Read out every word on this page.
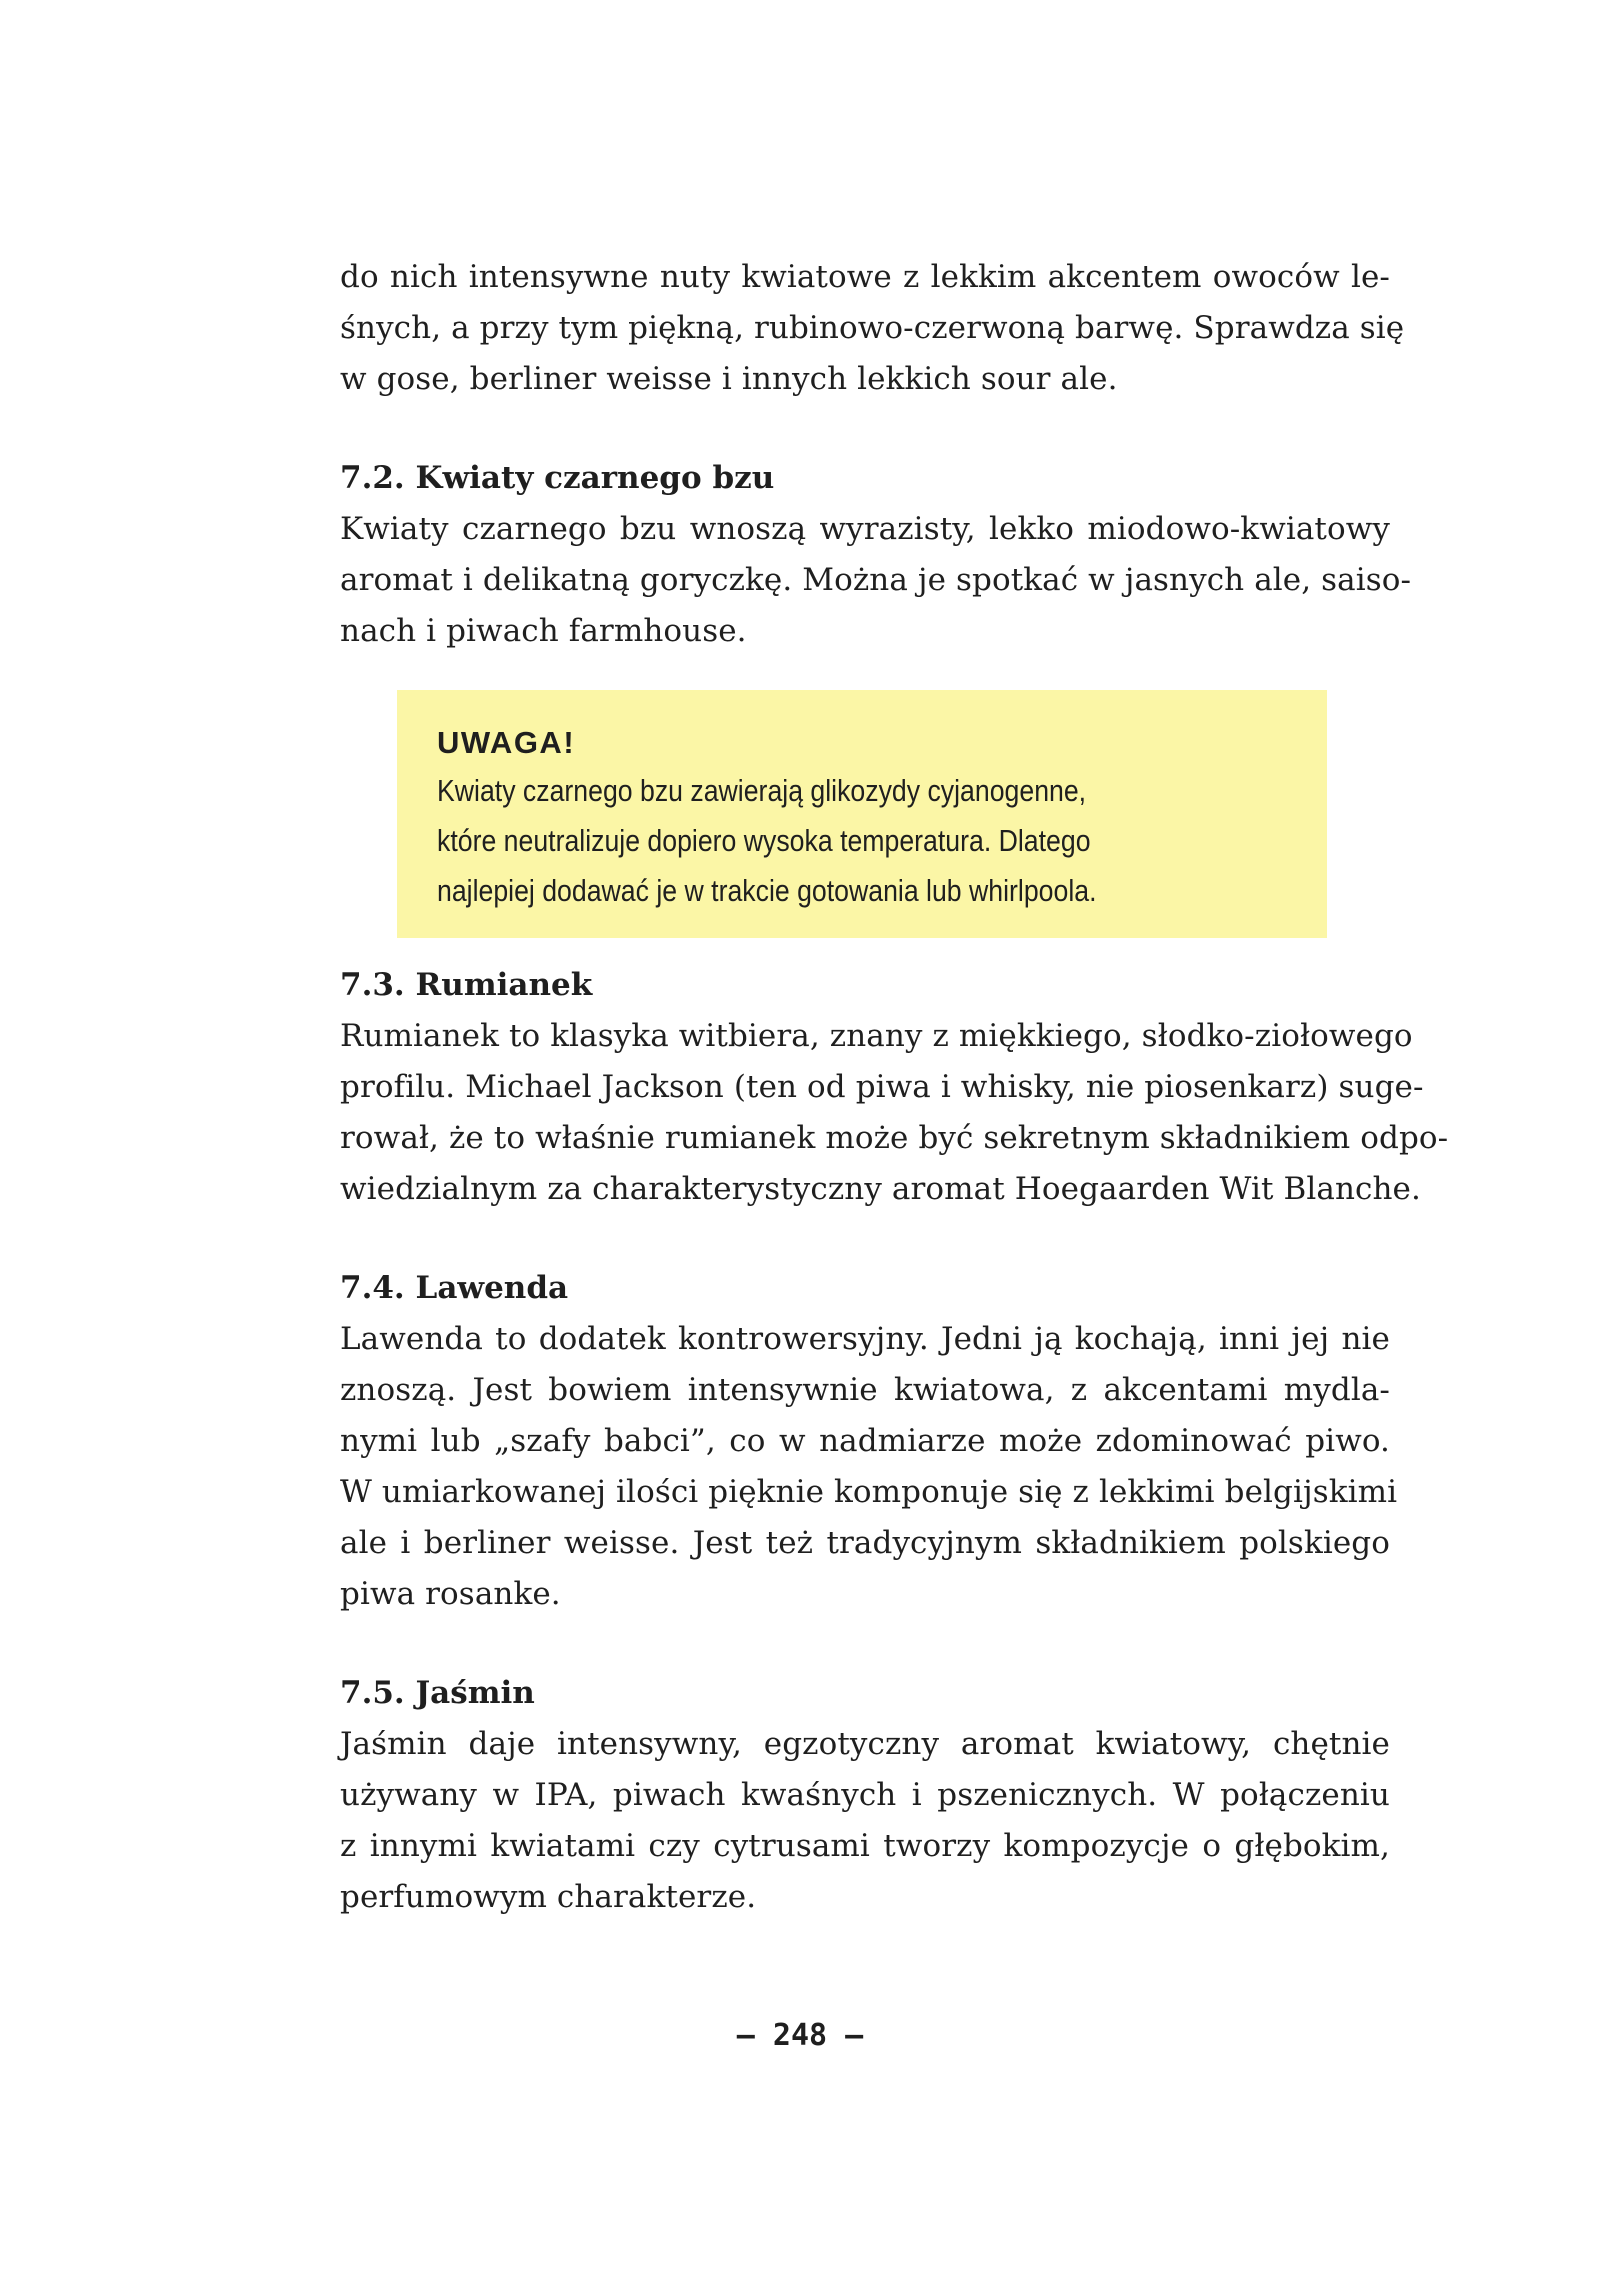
do nich intensywne nuty kwiatowe z lekkim akcentem owoców le-
śnych, a przy tym piękną, rubinowo-czerwoną barwę. Sprawdza się
w gose, berliner weisse i innych lekkich sour ale.

7.2. Kwiaty czarnego bzu

Kwiaty czarnego bzu wnoszą wyrazisty, lekko miodowo-kwiatowy
aromat i delikatną goryczkę. Można je spotkać w jasnych ale, saiso-
nach i piwach farmhouse.

UWAGA!

Kwiaty czarnego bzu zawierają glikozydy cyjanogenne,
które neutralizuje dopiero wysoka temperatura. Dlatego
najlepiej dodawać je w trakcie gotowania lub whirlpoola.

7.3. Rumianek

Rumianek to klasyka witbiera, znany z miękkiego, słodko-ziołowego
profilu. Michael Jackson (ten od piwa i whisky, nie piosenkarz) suge-
rował, że to właśnie rumianek może być sekretnym składnikiem odpo-
wiedzialnym za charakterystyczny aromat Hoegaarden Wit Blanche.

7.4. Lawenda

Lawenda to dodatek kontrowersyjny. Jedni ją kochają, inni jej nie
znoszą. Jest bowiem intensywnie kwiatowa, z akcentami mydla-
nymi lub „szafy babci”, co w nadmiarze może zdominować piwo.
W umiarkowanej ilości pięknie komponuje się z lekkimi belgijskimi
ale i berliner weisse. Jest też tradycyjnym składnikiem polskiego
piwa rosanke.

7.5. Jaśmin

Jaśmin daje intensywny, egzotyczny aromat kwiatowy, chętnie
używany w IPA, piwach kwaśnych i pszenicznych. W połączeniu
z innymi kwiatami czy cytrusami tworzy kompozycje o głębokim,
perfumowym charakterze.

— 248 —
